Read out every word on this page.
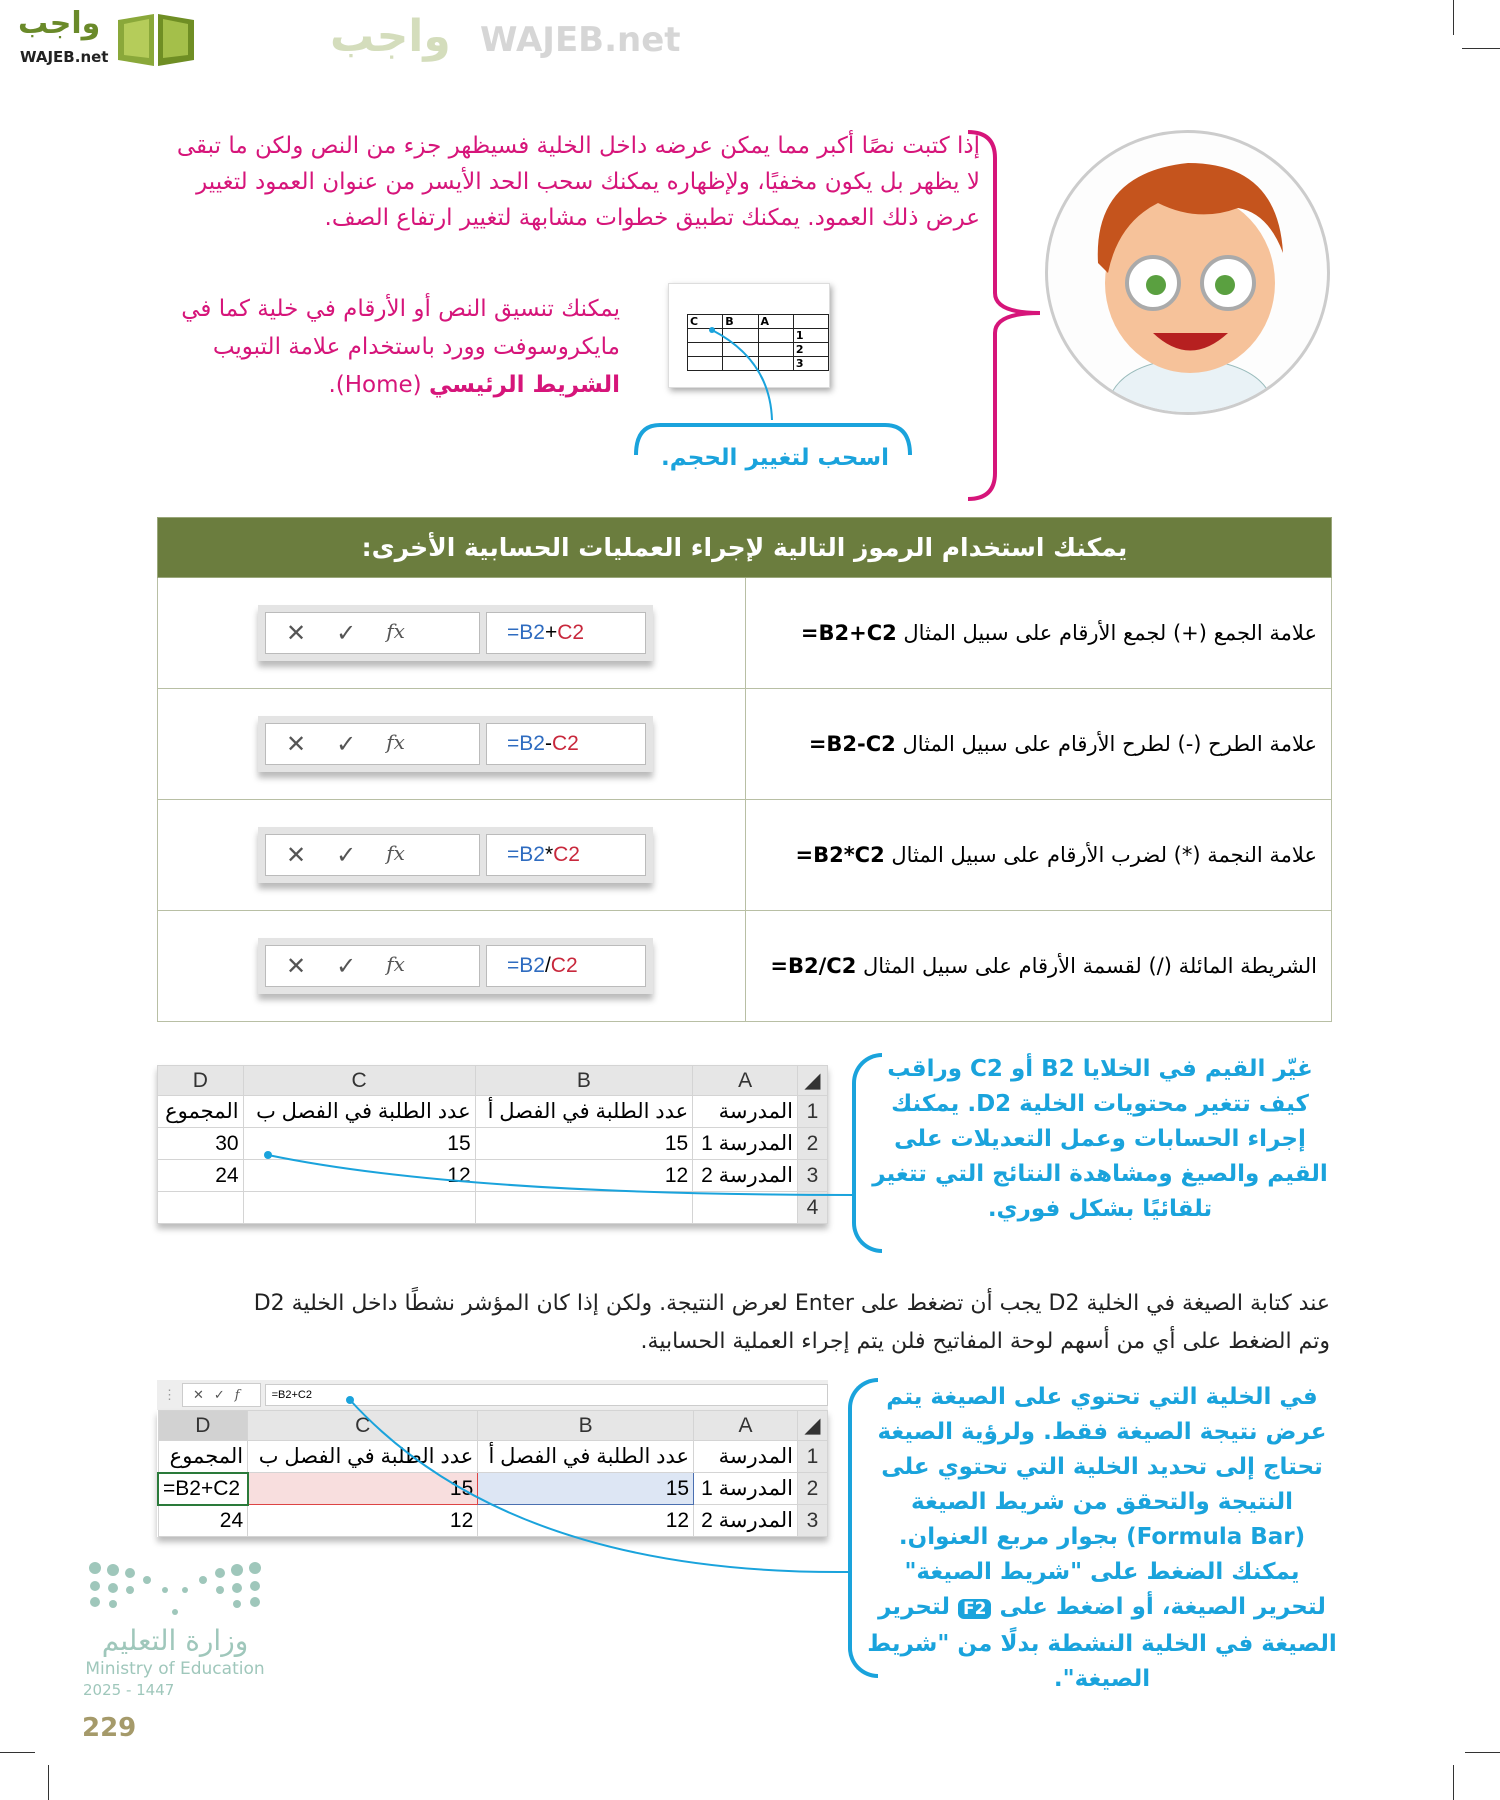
واجب
WAJEB.net	واجب WAJEB.net
إذا كتبت نصًا أكبر مما يمكن عرضه داخل الخلية فسيظهر جزء من النص ولكن ما تبقى لا يظهر بل يكون مخفيًا، ولإظهاره يمكنك سحب الحد الأيسر من عنوان العمود لتغيير عرض ذلك العمود. يمكنك تطبيق خطوات مشابهة لتغيير ارتفاع الصف.
يمكنك تنسيق النص أو الأرقام في خلية كما في مايكروسوفت وورد باستخدام علامة التبويب الشريط الرئيسي (Home).
C	B	A	
			1
			2
			3
اسحب لتغيير الحجم.
يمكنك استخدام الرموز التالية لإجراء العمليات الحسابية الأخرى:	

✕ ✓ fx =B2+C2	علامة الجمع (+) لجمع الأرقام على سبيل المثال =B2+C2

✕ ✓ fx =B2-C2	علامة الطرح (-) لطرح الأرقام على سبيل المثال =B2-C2

✕ ✓ fx =B2*C2	علامة النجمة (*) لضرب الأرقام على سبيل المثال =B2*C2

✕ ✓ fx =B2/C2	الشريطة المائلة (/) لقسمة الأرقام على سبيل المثال =B2/C2
D	C	B	A	◢
المجموع	عدد الطلبة في الفصل ب	عدد الطلبة في الفصل أ	المدرسة	1
30	15	15	المدرسة 1	2
24	12	12	المدرسة 2	3
				4
غيّر القيم في الخلايا B2 أو C2 وراقب كيف تتغير محتويات الخلية D2. يمكنك إجراء الحسابات وعمل التعديلات على القيم والصيغ ومشاهدة النتائج التي تتغير تلقائيًا بشكل فوري.
عند كتابة الصيغة في الخلية D2 يجب أن تضغط على Enter لعرض النتيجة. ولكن إذا كان المؤشر نشطًا داخل الخلية D2
وتم الضغط على أي من أسهم لوحة المفاتيح فلن يتم إجراء العملية الحسابية.
⋮	✕✓f	=B2+C2
D	C	B	A	◢
المجموع	عدد الطلبة في الفصل ب	عدد الطلبة في الفصل أ	المدرسة	1
=B2+C2	15	15	المدرسة 1	2
24	12	12	المدرسة 2	3
في الخلية التي تحتوي على الصيغة يتم عرض نتيجة الصيغة فقط. ولرؤية الصيغة تحتاج إلى تحديد الخلية التي تحتوي على النتيجة والتحقق من شريط الصيغة (Formula Bar) بجوار مربع العنوان.
يمكنك الضغط على "شريط الصيغة" لتحرير الصيغة، أو اضغط على F2 لتحرير الصيغة في الخلية النشطة بدلًا من "شريط الصيغة".
وزارة التعليم
Ministry of Education
2025 - 1447
229
